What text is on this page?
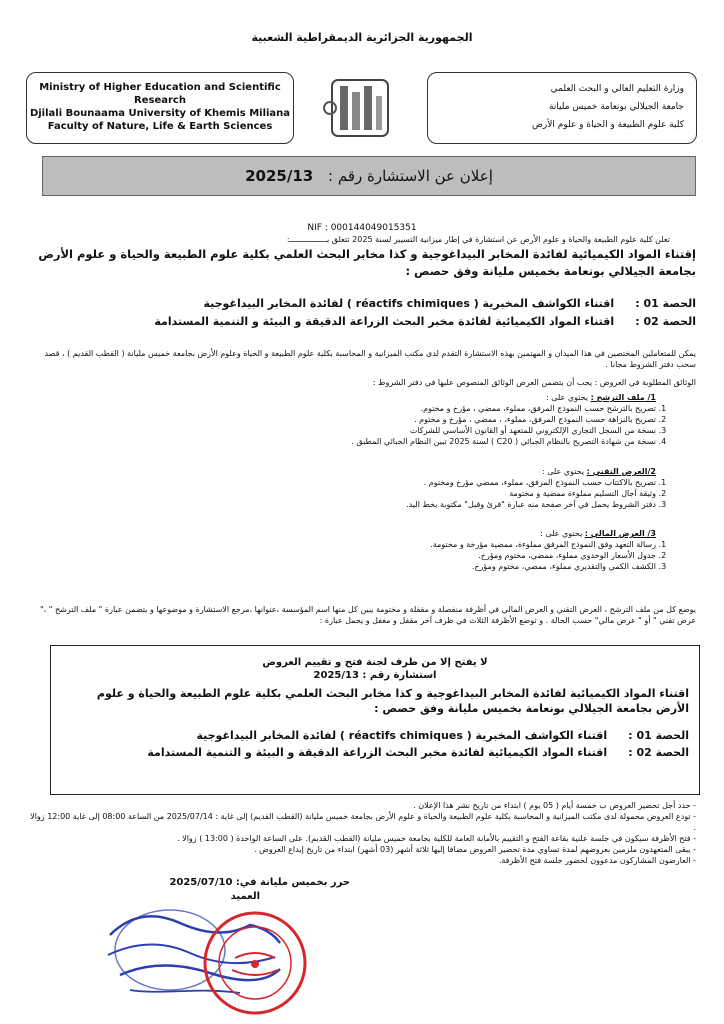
الجمهورية الجزائرية الديمقراطية الشعبية
Ministry of Higher Education and Scientific
Research
Djilali Bounaama University of Khemis Miliana
Faculty of Nature, Life & Earth Sciences
وزارة التعليم العالي و البحث العلمي
جامعة الجيلالي بونعامة خميس مليانة
كلية علوم الطبيعة و الحياة و علوم الأرض
إعلان عن الاستشارة رقم : 2025/13
NIF : 000144049015351
تعلن كلية علوم الطبيعة والحياة و علوم الأرض عن استشارة في إطار ميزانية التسيير لسنة 2025 تتعلق بــــــــــــــــ:
إقتناء المواد الكيميائية لفائدة المخابر البيداغوجية و كذا مخابر البحث العلمي بكلية علوم الطبيعة والحياة و علوم الأرض بجامعة الجيلالي بونعامة بخميس مليانة وفق حصص :
الحصة 01 : اقتناء الكواشف المخبرية ( réactifs chimiques ) لفائدة المخابر البيداغوجية
الحصة 02 : اقتناء المواد الكيميائية لفائدة مخبر البحث الزراعة الدقيقة و البيئة و التنمية المستدامة
يمكن للمتعاملين المختصين في هذا الميدان و المهتمين بهذه الاستشارة التقدم لدى مكتب الميزانية و المحاسبة بكلية علوم الطبيعة و الحياة وعلوم الأرض بجامعة خميس مليانة ( القطب القديم ) ، قصد سحب دفتر الشروط مجانا .
الوثائق المطلوبة في العروض : يجب أن يتضمن العرض الوثائق المنصوص عليها في دفتر الشروط :
1/ ملف الترشح : يحتوي على :
1. تصريح بالترشح حسب النموذج المرفق، مملوء، ممضي ، مؤرخ و مختوم.
2. تصريح بالنزاهة حسب النموذج المرفق، مملوء، ، ممضي ، مؤرخ و مختوم .
3. نسخة من السجل التجاري الإلكتروني للمتعهد أو القانون الأساسي للشركات
4. نسخة من شهادة التصريح بالنظام الجبائي ( C20 ) لسنة 2025 تبين النظام الجبائي المطبق .
2/العرض التقني : يحتوي على :
1. تصريح بالاكتتاب حسب النموذج المرفق، مملوء، ممضي مؤرخ ومختوم .
2. وثيقة آجال التسليم مملوءة ممضية و مختومة
3. دفتر الشروط يحمل في آخر صفحة منه عبارة "قرئ وقبل" مكتوبة بخط اليد.
3/ العرض المالي : يحتوي على :
1. رسالة التعهد وفق النموذج المرفق مملوءة، ممضية مؤرخة و مختومة.
2. جدول الأسعار الوحدوي مملوء، ممضي، مختوم ومؤرخ.
3. الكشف الكمي والتقديري مملوء، ممضي، مختوم ومؤرخ.
يوضع كل من ملف الترشح ، العرض التقني و العرض المالي في أظرفة منفصلة و مقفلة و مختومة يبين كل منها اسم المؤسسة ،عنوانها ،مرجع الاستشارة و موضوعها و يتضمن عبارة " ملف الترشح " ،" عرض تقني " أو " عرض مالي" حسب الحالة . و توضع الأظرفة الثلاث في ظرف آخر مقفل و مغفل و يحمل عبارة :
لا يفتح إلا من طرف لجنة فتح و تقييم العروض
استشارة رقم : 2025/13
اقتناء المواد الكيميائية لفائدة المخابر البيداغوجية و كذا مخابر البحث العلمي بكلية علوم الطبيعة والحياة و علوم الأرض بجامعة الجيلالي بونعامة بخميس مليانة وفق حصص :
الحصة 01 : اقتناء الكواشف المخبرية ( réactifs chimiques ) لفائدة المخابر البيداغوجية
الحصة 02 : اقتناء المواد الكيميائية لفائدة مخبر البحث الزراعة الدقيقة و البيئة و التنمية المستدامة
- حدد أجل تحضير العروض ب خمسة أيام ( 05 يوم ) ابتداء من تاريخ نشر هذا الإعلان .
- تودع العروض محمولة لدى مكتب الميزانية و المحاسبة بكلية علوم الطبيعة والحياة و علوم الأرض بجامعة خميس مليانة (القطب القديم) إلى غاية : 2025/07/14 من الساعة 08:00 إلى غاية 12:00 زوالا .
- فتح الأظرفة سيكون في جلسة علنية بقاعة الفتح و التقييم بالأمانة العامة للكلية بجامعة خميس مليانة (القطب القديم). على الساعة الواحدة ( 13:00 ) زوالا .
- يبقى المتعهدون ملزمين بعروضهم لمدة تساوي مدة تحضير العروض مضافا إليها ثلاثة أشهر (03 أشهر) ابتداء من تاريخ إيداع العروض .
- العارضون المشاركون مدعوون لحضور جلسة فتح الأظرفة.
حرر بخميس مليانة في: 2025/07/10
العميد
